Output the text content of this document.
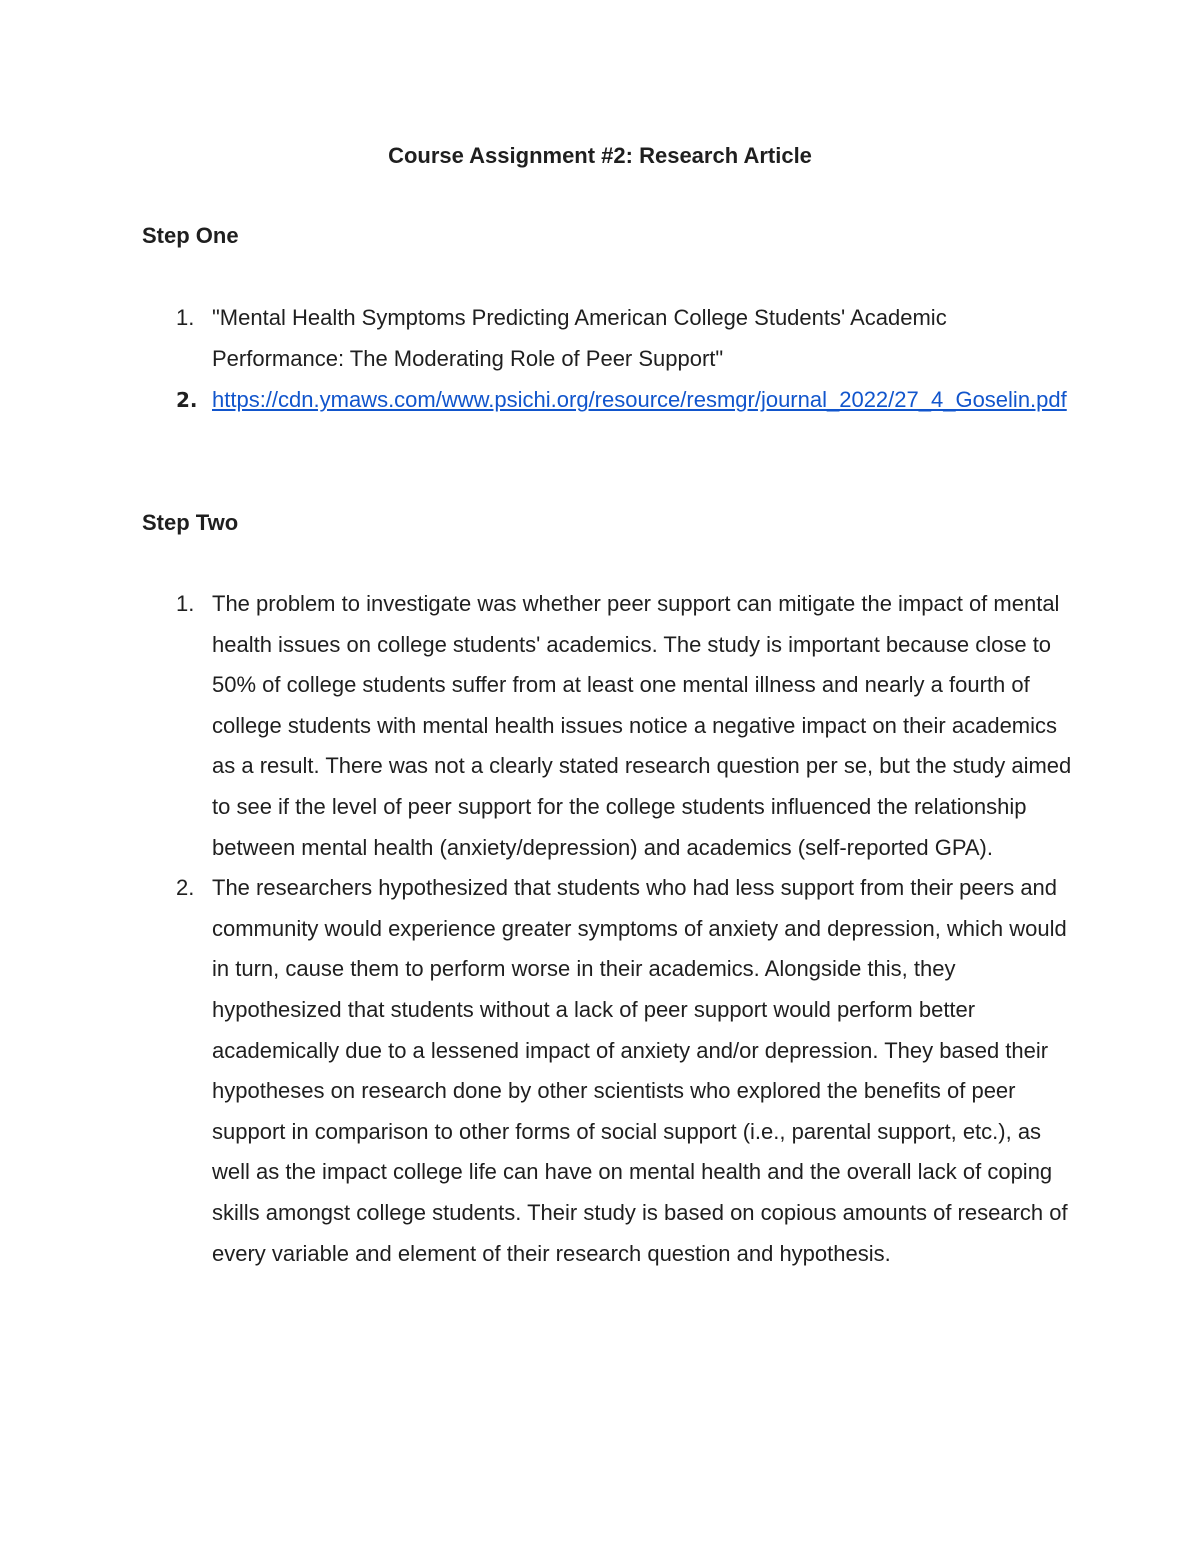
Course Assignment #2: Research Article
Step One
1. "Mental Health Symptoms Predicting American College Students' Academic Performance: The Moderating Role of Peer Support"
2. https://cdn.ymaws.com/www.psichi.org/resource/resmgr/journal_2022/27_4_Goselin.pdf
Step Two
1. The problem to investigate was whether peer support can mitigate the impact of mental health issues on college students' academics. The study is important because close to 50% of college students suffer from at least one mental illness and nearly a fourth of college students with mental health issues notice a negative impact on their academics as a result. There was not a clearly stated research question per se, but the study aimed to see if the level of peer support for the college students influenced the relationship between mental health (anxiety/depression) and academics (self-reported GPA).
2. The researchers hypothesized that students who had less support from their peers and community would experience greater symptoms of anxiety and depression, which would in turn, cause them to perform worse in their academics. Alongside this, they hypothesized that students without a lack of peer support would perform better academically due to a lessened impact of anxiety and/or depression. They based their hypotheses on research done by other scientists who explored the benefits of peer support in comparison to other forms of social support (i.e., parental support, etc.), as well as the impact college life can have on mental health and the overall lack of coping skills amongst college students. Their study is based on copious amounts of research of every variable and element of their research question and hypothesis.
